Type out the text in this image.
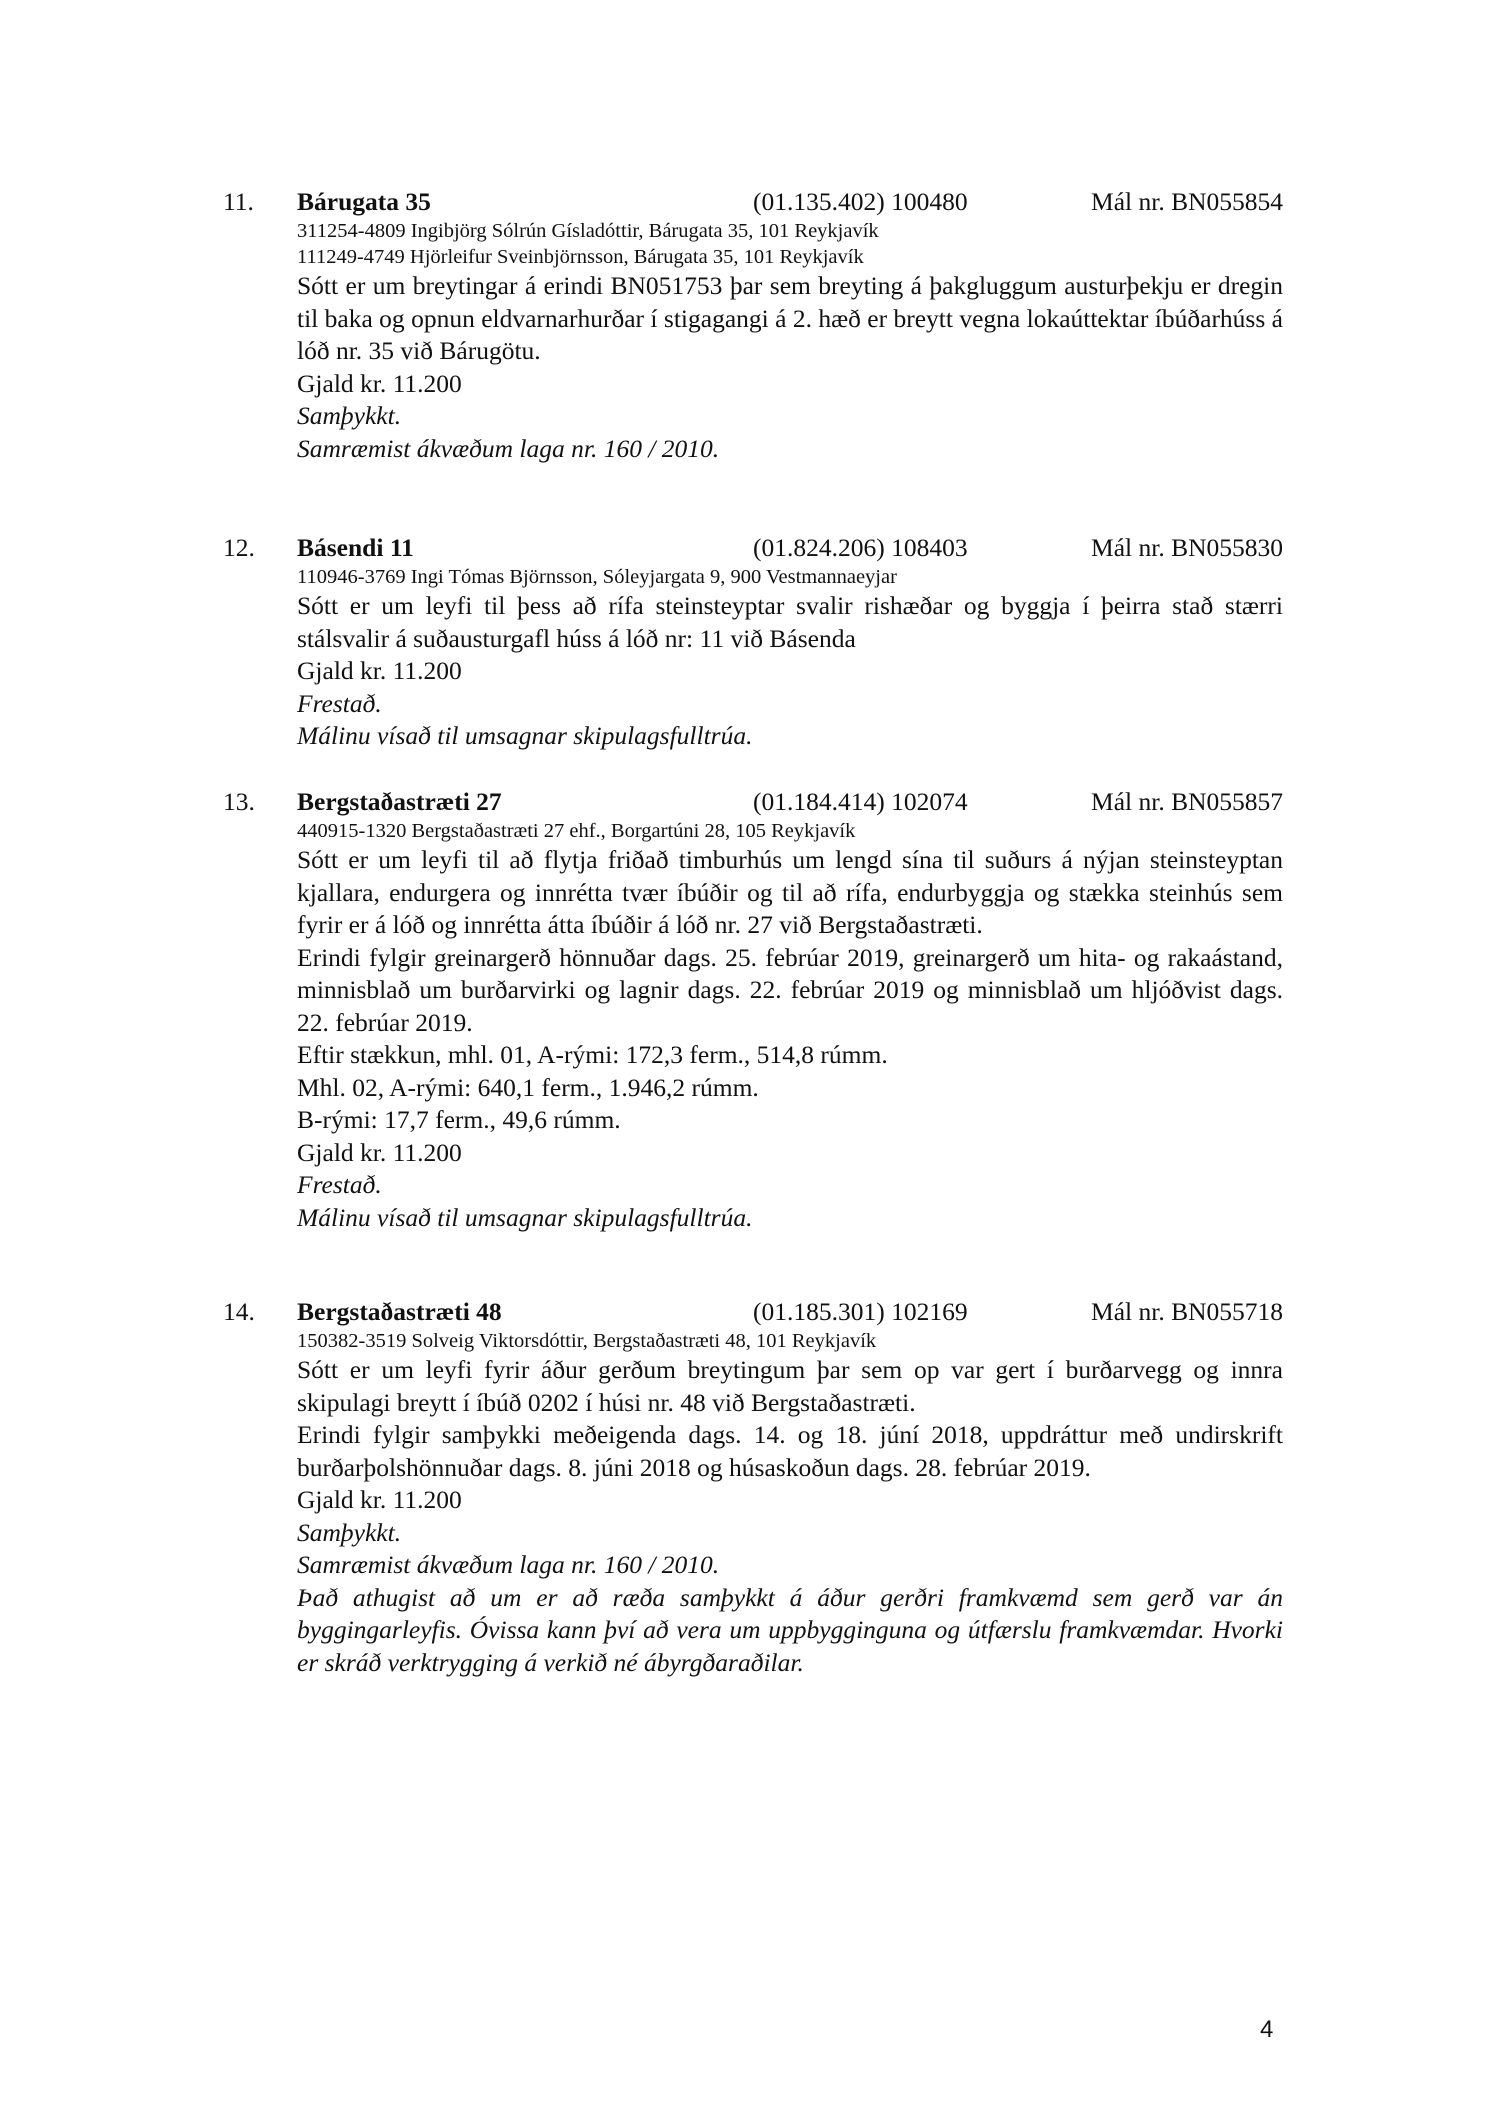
11. Bárugata 35	(01.135.402) 100480	Mál nr. BN055854
311254-4809 Ingibjörg Sólrún Gísladóttir, Bárugata 35, 101 Reykjavík
111249-4749 Hjörleifur Sveinbjörnsson, Bárugata 35, 101 Reykjavík
Sótt er um breytingar á erindi BN051753 þar sem breyting á þakgluggum austurþekju er dregin til baka og opnun eldvarnarhurðar í stigagangi á 2. hæð er breytt vegna lokaúttektar íbúðarhúss á lóð nr. 35 við Bárugötu.
Gjald kr. 11.200
Samþykkt.
Samræmist ákvæðum laga nr. 160 / 2010.
12. Básendi 11	(01.824.206) 108403	Mál nr. BN055830
110946-3769 Ingi Tómas Björnsson, Sóleyjargata 9, 900 Vestmannaeyjar
Sótt er um leyfi til þess að rífa steinsteyptar svalir rishæðar og byggja í þeirra stað stærri stálsvalir á suðausturgafl húss á lóð nr: 11 við Básenda
Gjald kr. 11.200
Frestað.
Málinu vísað til umsagnar skipulagsfulltrúa.
13. Bergstaðastræti 27	(01.184.414) 102074	Mál nr. BN055857
440915-1320 Bergstaðastræti 27 ehf., Borgartúni 28, 105 Reykjavík
Sótt er um leyfi til að flytja friðað timburhús um lengd sína til suðurs á nýjan steinsteyptan kjallara, endurgera og innrétta tvær íbúðir og til að rífa, endurbyggja og stækka steinhús sem fyrir er á lóð og innrétta átta íbúðir á lóð nr. 27 við Bergstaðastræti.
Erindi fylgir greinargerð hönnuðar dags. 25. febrúar 2019, greinargerð um hita- og rakaástand, minnisblað um burðarvirki og lagnir dags. 22. febrúar 2019 og minnisblað um hljóðvist dags. 22. febrúar 2019.
Eftir stækkun, mhl. 01, A-rými: 172,3 ferm., 514,8 rúmm.
Mhl. 02, A-rými: 640,1 ferm., 1.946,2 rúmm.
B-rými: 17,7 ferm., 49,6 rúmm.
Gjald kr. 11.200
Frestað.
Málinu vísað til umsagnar skipulagsfulltrúa.
14. Bergstaðastræti 48	(01.185.301) 102169	Mál nr. BN055718
150382-3519 Solveig Viktorsdóttir, Bergstaðastræti 48, 101 Reykjavík
Sótt er um leyfi fyrir áður gerðum breytingum þar sem op var gert í burðarvegg og innra skipulagi breytt í íbúð 0202 í húsi nr. 48 við Bergstaðastræti.
Erindi fylgir samþykki meðeigenda dags. 14. og 18. júní 2018, uppdráttur með undirskrift burðarþolshönnuðar dags. 8. júni 2018 og húsaskoðun dags. 28. febrúar 2019.
Gjald kr. 11.200
Samþykkt.
Samræmist ákvæðum laga nr. 160 / 2010.
Það athugist að um er að ræða samþykkt á áður gerðri framkvæmd sem gerð var án byggingarleyfis. Óvissa kann því að vera um uppbygginguna og útfærslu framkvæmdar. Hvorki er skráð verktrygging á verkið né ábyrgðaraðilar.
4
